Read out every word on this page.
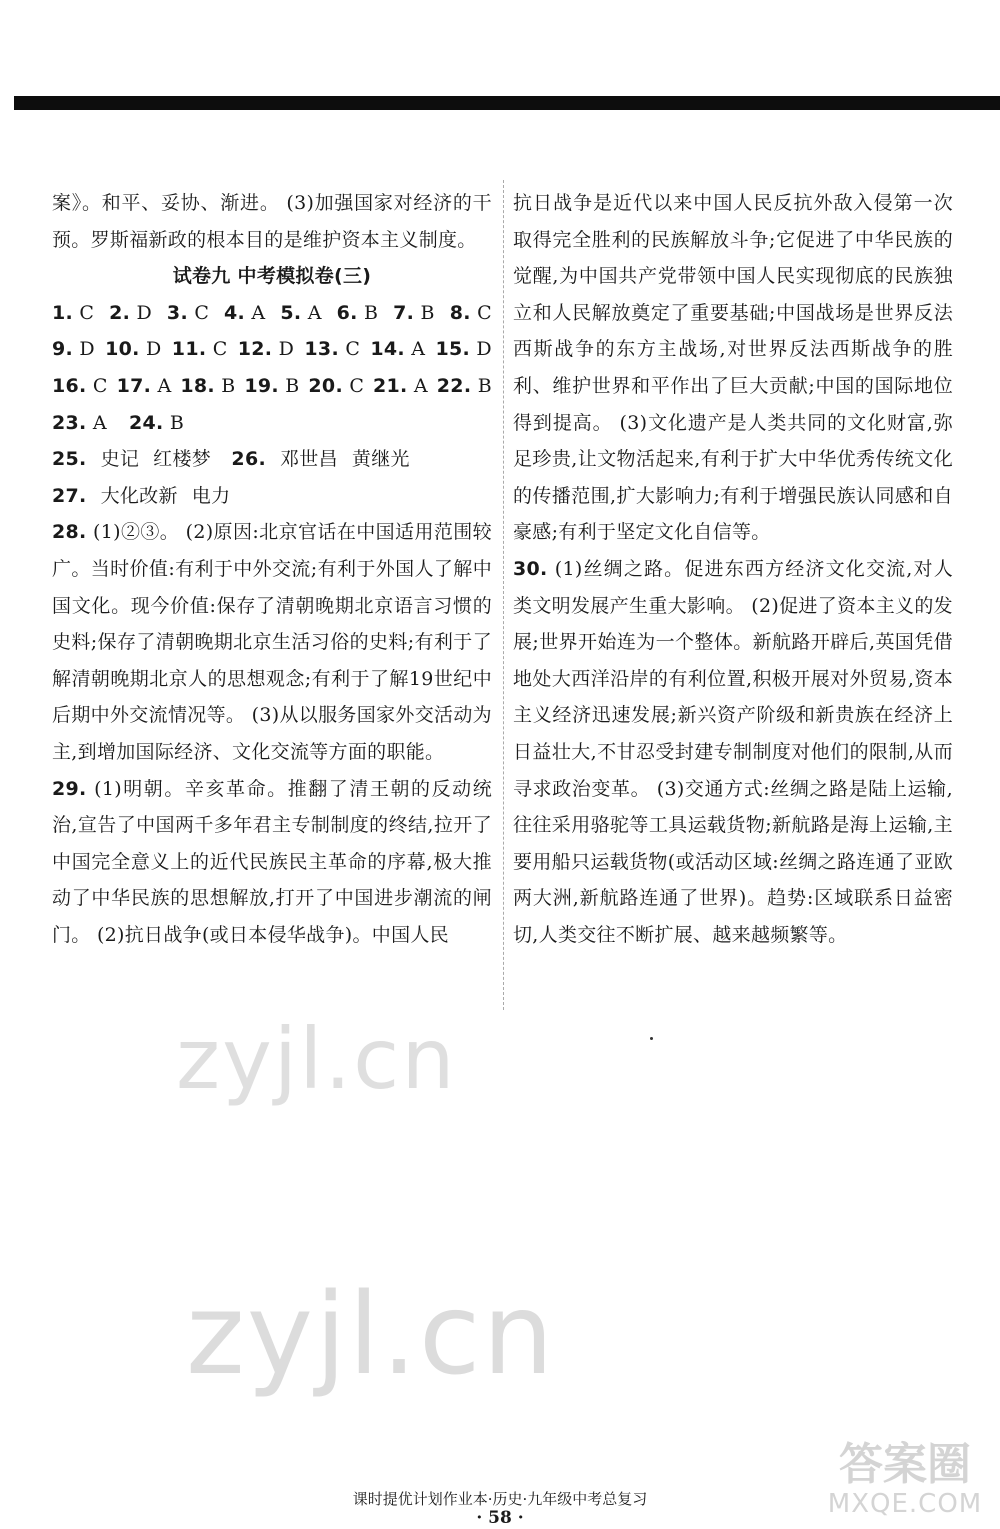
案》。和平、妥协、渐进。 (3)加强国家对经济的干预。罗斯福新政的根本目的是维护资本主义制度。

试卷九 中考模拟卷(三)

1. C 2. D 3. C 4. A 5. A 6. B 7. B 8. C
9. D 10. D 11. C 12. D 13. C 14. A 15. D
16. C 17. A 18. B 19. B 20. C 21. A 22. B
23. A 24. B

25. 史记 红楼梦 26. 邓世昌 黄继光

27. 大化改新 电力

28. (1)②③。 (2)原因:北京官话在中国适用范围较广。当时价值:有利于中外交流;有利于外国人了解中国文化。现今价值:保存了清朝晚期北京语言习惯的史料;保存了清朝晚期北京生活习俗的史料;有利于了解清朝晚期北京人的思想观念;有利于了解19世纪中后期中外交流情况等。 (3)从以服务国家外交活动为主,到增加国际经济、文化交流等方面的职能。

29. (1)明朝。辛亥革命。推翻了清王朝的反动统治,宣告了中国两千多年君主专制制度的终结,拉开了中国完全意义上的近代民族民主革命的序幕,极大推动了中华民族的思想解放,打开了中国进步潮流的闸门。 (2)抗日战争(或日本侵华战争)。中国人民

抗日战争是近代以来中国人民反抗外敌入侵第一次取得完全胜利的民族解放斗争;它促进了中华民族的觉醒,为中国共产党带领中国人民实现彻底的民族独立和人民解放奠定了重要基础;中国战场是世界反法西斯战争的东方主战场,对世界反法西斯战争的胜利、维护世界和平作出了巨大贡献;中国的国际地位得到提高。 (3)文化遗产是人类共同的文化财富,弥足珍贵,让文物活起来,有利于扩大中华优秀传统文化的传播范围,扩大影响力;有利于增强民族认同感和自豪感;有利于坚定文化自信等。

30. (1)丝绸之路。促进东西方经济文化交流,对人类文明发展产生重大影响。 (2)促进了资本主义的发展;世界开始连为一个整体。新航路开辟后,英国凭借地处大西洋沿岸的有利位置,积极开展对外贸易,资本主义经济迅速发展;新兴资产阶级和新贵族在经济上日益壮大,不甘忍受封建专制制度对他们的限制,从而寻求政治变革。 (3)交通方式:丝绸之路是陆上运输,往往采用骆驼等工具运载货物;新航路是海上运输,主要用船只运载货物(或活动区域:丝绸之路连通了亚欧两大洲,新航路连通了世界)。趋势:区域联系日益密切,人类交往不断扩展、越来越频繁等。

zyjl.cn
zyjl.cn
答案圈
MXQE.COM
课时提优计划作业本·历史·九年级中考总复习
· 58 ·
